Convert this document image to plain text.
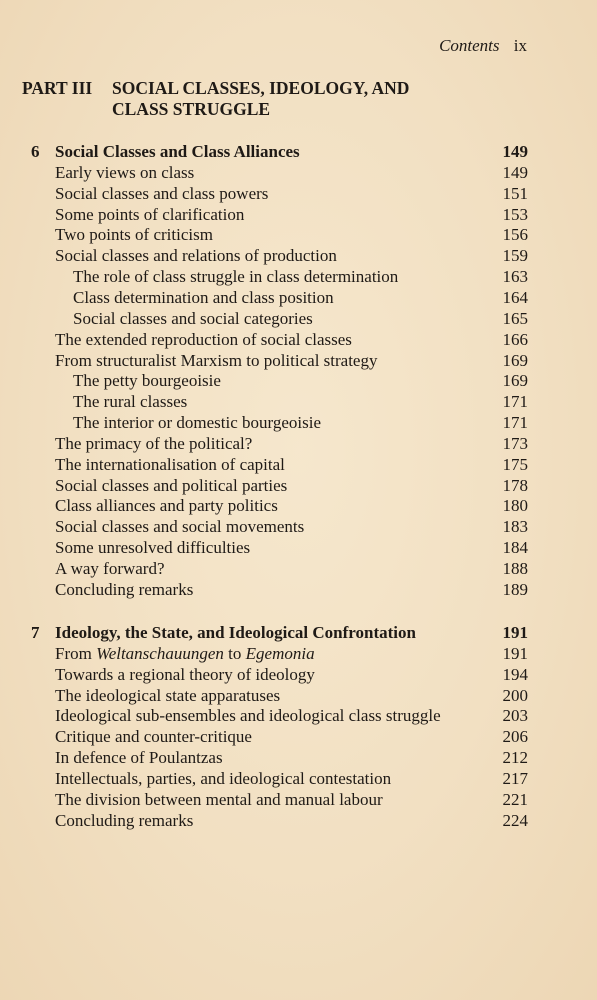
Contents ix
PART III	SOCIAL CLASSES, IDEOLOGY, AND
CLASS STRUGGLE
6 Social Classes and Class Alliances	149
Early views on class	149
Social classes and class powers	151
Some points of clarification	153
Two points of criticism	156
Social classes and relations of production	159
The role of class struggle in class determination	163
Class determination and class position	164
Social classes and social categories	165
The extended reproduction of social classes	166
From structuralist Marxism to political strategy	169
The petty bourgeoisie	169
The rural classes	171
The interior or domestic bourgeoisie	171
The primacy of the political?	173
The internationalisation of capital	175
Social classes and political parties	178
Class alliances and party politics	180
Social classes and social movements	183
Some unresolved difficulties	184
A way forward?	188
Concluding remarks	189
7 Ideology, the State, and Ideological Confrontation	191
From Weltanschauungen to Egemonia	191
Towards a regional theory of ideology	194
The ideological state apparatuses	200
Ideological sub-ensembles and ideological class struggle	203
Critique and counter-critique	206
In defence of Poulantzas	212
Intellectuals, parties, and ideological contestation	217
The division between mental and manual labour	221
Concluding remarks	224
